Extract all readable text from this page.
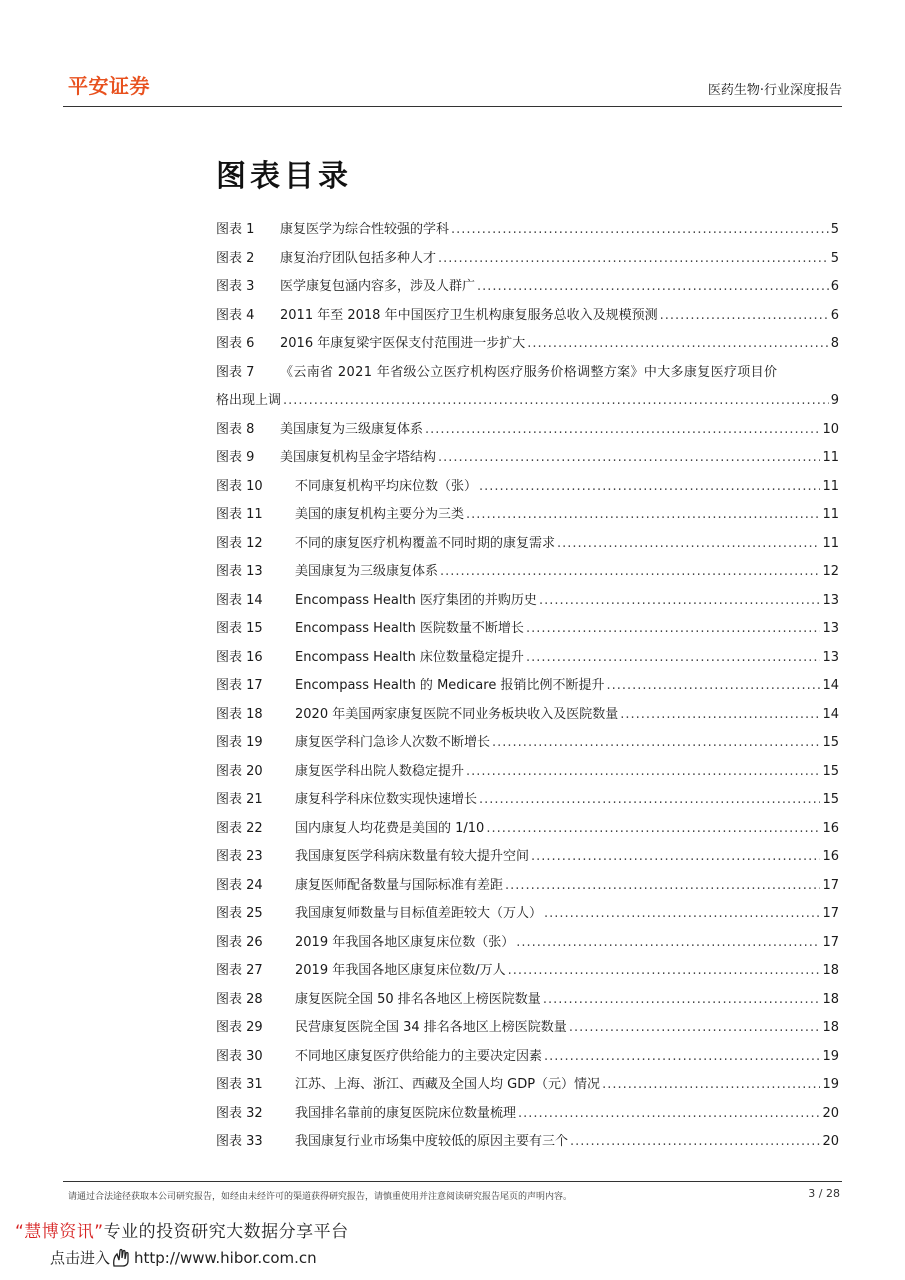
平安证券	医药生物·行业深度报告
图表目录
图表 1	康复医学为综合性较强的学科 .....	5
图表 2	康复治疗团队包括多种人才 .....	5
图表 3	医学康复包涵内容多，涉及人群广 .....	6
图表 4	2011 年至 2018 年中国医疗卫生机构康复服务总收入及规模预测 .....	6
图表 6	2016 年康复梁宇医保支付范围进一步扩大 .....	8
图表 7	《云南省 2021 年省级公立医疗机构医疗服务价格调整方案》中大多康复医疗项目价
格出现上调 .....	9
图表 8	美国康复为三级康复体系 .....	10
图表 9	美国康复机构呈金字塔结构 .....	11
图表 10	不同康复机构平均床位数（张） .....	11
图表 11	美国的康复机构主要分为三类 .....	11
图表 12	不同的康复医疗机构覆盖不同时期的康复需求 .....	11
图表 13	美国康复为三级康复体系 .....	12
图表 14	Encompass Health 医疗集团的并购历史 .....	13
图表 15	Encompass Health 医院数量不断增长 .....	13
图表 16	Encompass Health 床位数量稳定提升 .....	13
图表 17	Encompass Health 的 Medicare 报销比例不断提升 .....	14
图表 18	2020 年美国两家康复医院不同业务板块收入及医院数量 .....	14
图表 19	康复医学科门急诊人次数不断增长 .....	15
图表 20	康复医学科出院人数稳定提升 .....	15
图表 21	康复科学科床位数实现快速增长 .....	15
图表 22	国内康复人均花费是美国的 1/10 .....	16
图表 23	我国康复医学科病床数量有较大提升空间 .....	16
图表 24	康复医师配备数量与国际标准有差距 .....	17
图表 25	我国康复师数量与目标值差距较大（万人） .....	17
图表 26	2019 年我国各地区康复床位数（张） .....	17
图表 27	2019 年我国各地区康复床位数/万人 .....	18
图表 28	康复医院全国 50 排名各地区上榜医院数量 .....	18
图表 29	民营康复医院全国 34 排名各地区上榜医院数量 .....	18
图表 30	不同地区康复医疗供给能力的主要决定因素 .....	19
图表 31	江苏、上海、浙江、西藏及全国人均 GDP（元）情况 .....	19
图表 32	我国排名靠前的康复医院床位数量梳理 .....	20
图表 33	我国康复行业市场集中度较低的原因主要有三个 .....	20
请通过合法途径获取本公司研究报告，如经由未经许可的渠道获得研究报告，请慎重使用并注意阅读研究报告尾页的声明内容。	3 / 28
“慧博资讯”专业的投资研究大数据分享平台
点击进入 http://www.hibor.com.cn
